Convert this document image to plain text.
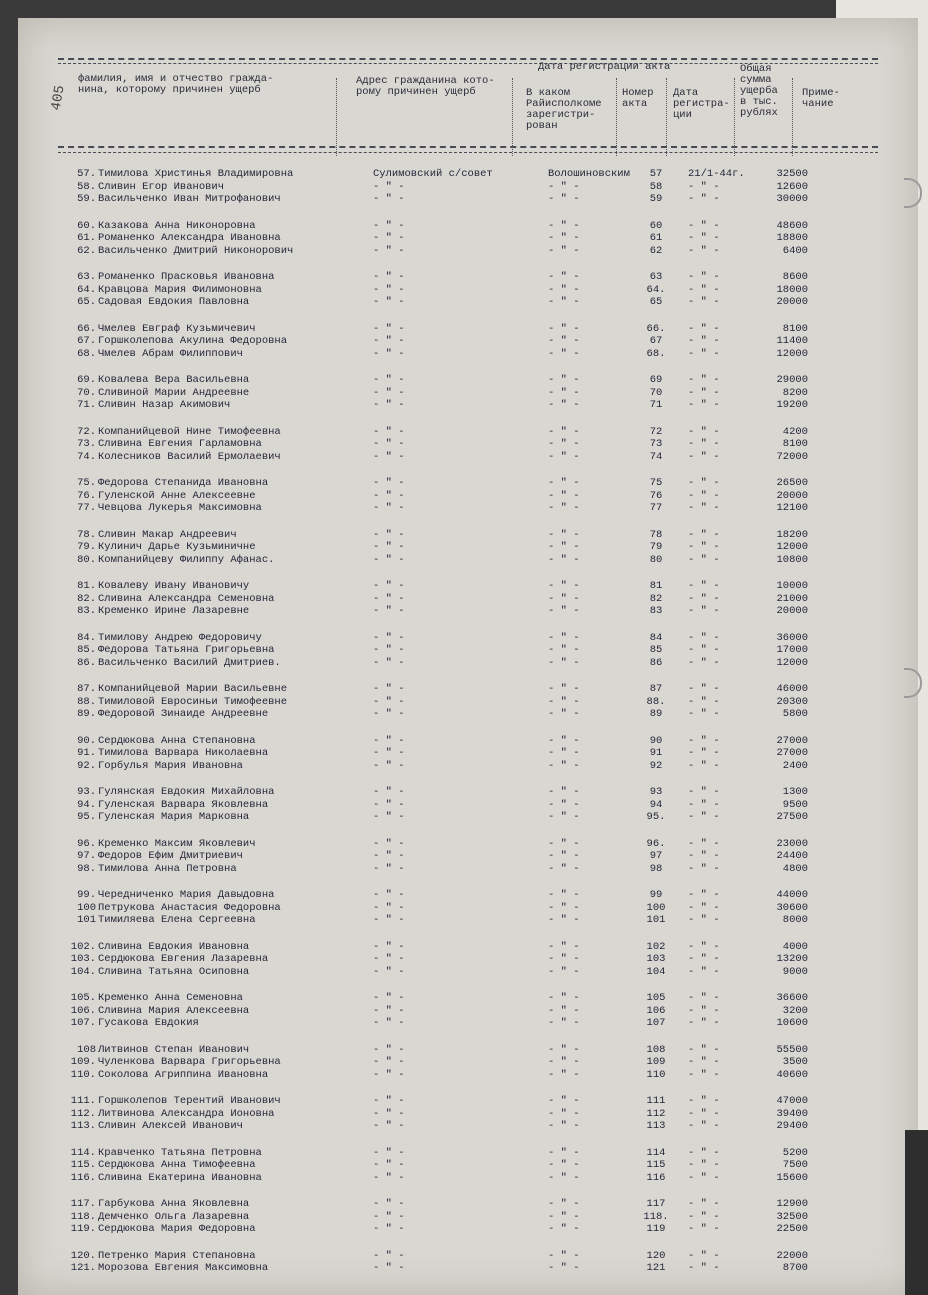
405
фамилия, имя и отчество граждa-
нина, которому причинен ущерб
Адрес гражданина кото-
рому причинен ущерб
Дата регистрации акта
В каком
Райисполкоме
зарегистри-
рован
Номер
акта
Дата
регистра-
ции
Общая
сумма
ущерба
в тыс.
рублях
Приме-
чание
57. Тимилова Христинья Владимировна	Сулимовский с/совет	Волошиновским	57	21/1-44г.	32500
58. Сливин Егор Иванович	- " -	- " -	58	- " -	12600
59. Васильченко Иван Митрофанович	- " -	- " -	59	- " -	30000
60. Казакова Анна Никоноровна	- " -	- " -	60	- " -	48600
61. Романенко Александра Ивановна	- " -	- " -	61	- " -	18800
62. Васильченко Дмитрий Никонорович	- " -	- " -	62	- " -	6400
63. Романенко Прасковья Ивановна	- " -	- " -	63	- " -	8600
64. Кравцова Мария Филимоновна	- " -	- " -	64.	- " -	18000
65. Садовая Евдокия Павловна	- " -	- " -	65	- " -	20000
66. Чмелев Евграф Кузьмичевич	- " -	- " -	66.	- " -	8100
67. Горшколепова Акулина Федоровна	- " -	- " -	67	- " -	11400
68. Чмелев Абрам Филиппович	- " -	- " -	68.	- " -	12000
69. Ковалева Вера Васильевна	- " -	- " -	69	- " -	29000
70. Сливиной Марии Андреевне	- " -	- " -	70	- " -	8200
71. Сливин Назар Акимович	- " -	- " -	71	- " -	19200
72. Компанийцевой Нине Тимофеевна	- " -	- " -	72	- " -	4200
73. Сливина Евгения Гарламовна	- " -	- " -	73	- " -	8100
74. Колесников Василий Ермолаевич	- " -	- " -	74	- " -	72000
75. Федорова Степанида Ивановна	- " -	- " -	75	- " -	26500
76. Гуленской Анне Алексеевне	- " -	- " -	76	- " -	20000
77. Чевцова Лукерья Максимовна	- " -	- " -	77	- " -	12100
78. Сливин Макар Андреевич	- " -	- " -	78	- " -	18200
79. Кулинич Дарье Кузьминичне	- " -	- " -	79	- " -	12000
80. Компанийцеву Филиппу Афанас.	- " -	- " -	80	- " -	10800
81. Ковалеву Ивану Ивановичу	- " -	- " -	81	- " -	10000
82. Сливина Александра Семеновна	- " -	- " -	82	- " -	21000
83. Кременко Ирине Лазаревне	- " -	- " -	83	- " -	20000
84. Тимилову Андрею Федоровичу	- " -	- " -	84	- " -	36000
85. Федорова Татьяна Григорьевна	- " -	- " -	85	- " -	17000
86. Васильченко Василий Дмитриев.	- " -	- " -	86	- " -	12000
87. Компанийцевой Марии Васильевне	- " -	- " -	87	- " -	46000
88. Тимиловой Евросиньи Тимофеевне	- " -	- " -	88.	- " -	20300
89. Федоровой Зинаиде Андреевне	- " -	- " -	89	- " -	5800
90. Сердюкова Анна Степановна	- " -	- " -	90	- " -	27000
91. Тимилова Варвара Николаевна	- " -	- " -	91	- " -	27000
92. Горбулья Мария Ивановна	- " -	- " -	92	- " -	2400
93. Гулянская Евдокия Михайловна	- " -	- " -	93	- " -	1300
94. Гуленская Варвара Яковлевна	- " -	- " -	94	- " -	9500
95. Гуленская Мария Марковна	- " -	- " -	95.	- " -	27500
96. Кременко Максим Яковлевич	- " -	- " -	96.	- " -	23000
97. Федоров Ефим Дмитриевич	- " -	- " -	97	- " -	24400
98. Тимилова Анна Петровна	- " -	- " -	98	- " -	4800
99. Чередниченко Мария Давыдовна	- " -	- " -	99	- " -	44000
100 Петрукова Анастасия Федоровна	- " -	- " -	100	- " -	30600
101 Тимиляева Елена Сергеевна	- " -	- " -	101	- " -	8000
102. Сливина Евдокия Ивановна	- " -	- " -	102	- " -	4000
103. Сердюкова Евгения Лазаревна	- " -	- " -	103	- " -	13200
104. Сливина Татьяна Осиповна	- " -	- " -	104	- " -	9000
105. Кременко Анна Семеновна	- " -	- " -	105	- " -	36600
106. Сливина Мария Алексеевна	- " -	- " -	106	- " -	3200
107. Гусакова Евдокия	- " -	- " -	107	- " -	10600
108 Литвинов Степан Иванович	- " -	- " -	108	- " -	55500
109. Чуленкова Варвара Григорьевна	- " -	- " -	109	- " -	3500
110. Соколова Агриппина Ивановна	- " -	- " -	110	- " -	40600
111. Горшколепов Терентий Иванович	- " -	- " -	111	- " -	47000
112. Литвинова Александра Ионовна	- " -	- " -	112	- " -	39400
113. Сливин Алексей Иванович	- " -	- " -	113	- " -	29400
114. Кравченко Татьяна Петровна	- " -	- " -	114	- " -	5200
115. Сердюкова Анна Тимофеевна	- " -	- " -	115	- " -	7500
116. Сливина Екатерина Ивановна	- " -	- " -	116	- " -	15600
117. Гарбукова Анна Яковлевна	- " -	- " -	117	- " -	12900
118. Демченко Ольга Лазаревна	- " -	- " -	118.	- " -	32500
119. Сердюкова Мария Федоровна	- " -	- " -	119	- " -	22500
120. Петренко Мария Степановна	- " -	- " -	120	- " -	22000
121. Морозова Евгения Максимовна	- " -	- " -	121	- " -	8700
